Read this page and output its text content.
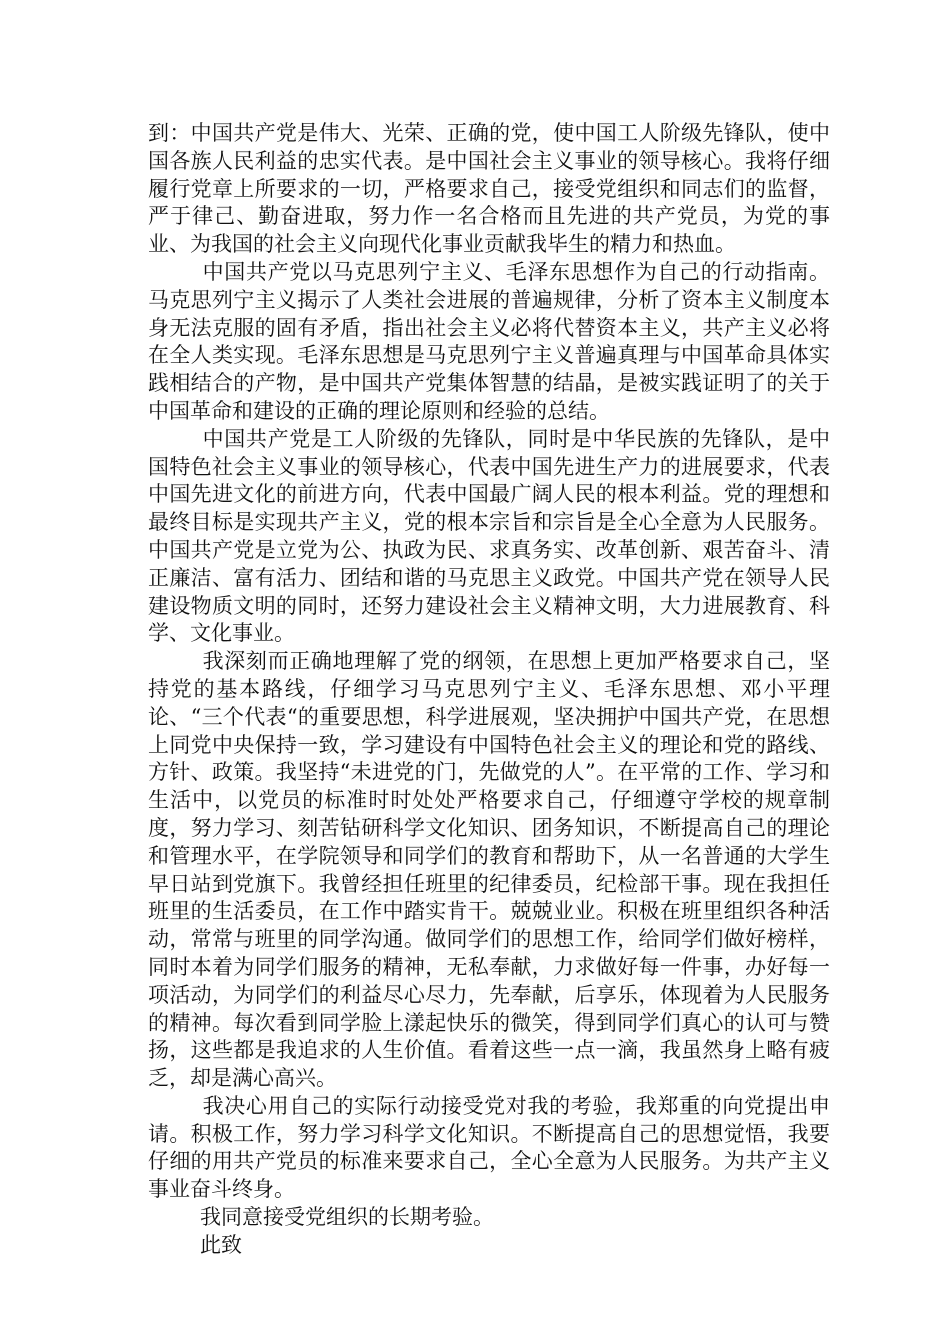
到：中国共产党是伟大、光荣、正确的党，使中国工人阶级先锋队，使中国各族人民利益的忠实代表。是中国社会主义事业的领导核心。我将仔细履行党章上所要求的一切，严格要求自己，接受党组织和同志们的监督，严于律己、勤奋进取，努力作一名合格而且先进的共产党员，为党的事业、为我国的社会主义向现代化事业贡献我毕生的精力和热血。

中国共产党以马克思列宁主义、毛泽东思想作为自己的行动指南。马克思列宁主义揭示了人类社会进展的普遍规律，分析了资本主义制度本身无法克服的固有矛盾，指出社会主义必将代替资本主义，共产主义必将在全人类实现。毛泽东思想是马克思列宁主义普遍真理与中国革命具体实践相结合的产物，是中国共产党集体智慧的结晶，是被实践证明了的关于中国革命和建设的正确的理论原则和经验的总结。

中国共产党是工人阶级的先锋队，同时是中华民族的先锋队，是中国特色社会主义事业的领导核心，代表中国先进生产力的进展要求，代表中国先进文化的前进方向，代表中国最广阔人民的根本利益。党的理想和最终目标是实现共产主义，党的根本宗旨和宗旨是全心全意为人民服务。中国共产党是立党为公、执政为民、求真务实、改革创新、艰苦奋斗、清正廉洁、富有活力、团结和谐的马克思主义政党。中国共产党在领导人民建设物质文明的同时，还努力建设社会主义精神文明，大力进展教育、科学、文化事业。

我深刻而正确地理解了党的纲领，在思想上更加严格要求自己，坚持党的基本路线，仔细学习马克思列宁主义、毛泽东思想、邓小平理论、“三个代表“的重要思想，科学进展观，坚决拥护中国共产党，在思想上同党中央保持一致，学习建设有中国特色社会主义的理论和党的路线、方针、政策。我坚持“未进党的门，先做党的人”。在平常的工作、学习和生活中，以党员的标准时时处处严格要求自己，仔细遵守学校的规章制度，努力学习、刻苦钻研科学文化知识、团务知识，不断提高自己的理论和管理水平，在学院领导和同学们的教育和帮助下，从一名普通的大学生早日站到党旗下。我曾经担任班里的纪律委员，纪检部干事。现在我担任班里的生活委员，在工作中踏实肯干。兢兢业业。积极在班里组织各种活动，常常与班里的同学沟通。做同学们的思想工作，给同学们做好榜样，同时本着为同学们服务的精神，无私奉献，力求做好每一件事，办好每一项活动，为同学们的利益尽心尽力，先奉献，后享乐，体现着为人民服务的精神。每次看到同学脸上漾起快乐的微笑，得到同学们真心的认可与赞扬，这些都是我追求的人生价值。看着这些一点一滴，我虽然身上略有疲乏，却是满心高兴。

我决心用自己的实际行动接受党对我的考验，我郑重的向党提出申请。积极工作，努力学习科学文化知识。不断提高自己的思想觉悟，我要仔细的用共产党员的标准来要求自己，全心全意为人民服务。为共产主义事业奋斗终身。

我同意接受党组织的长期考验。

此致
